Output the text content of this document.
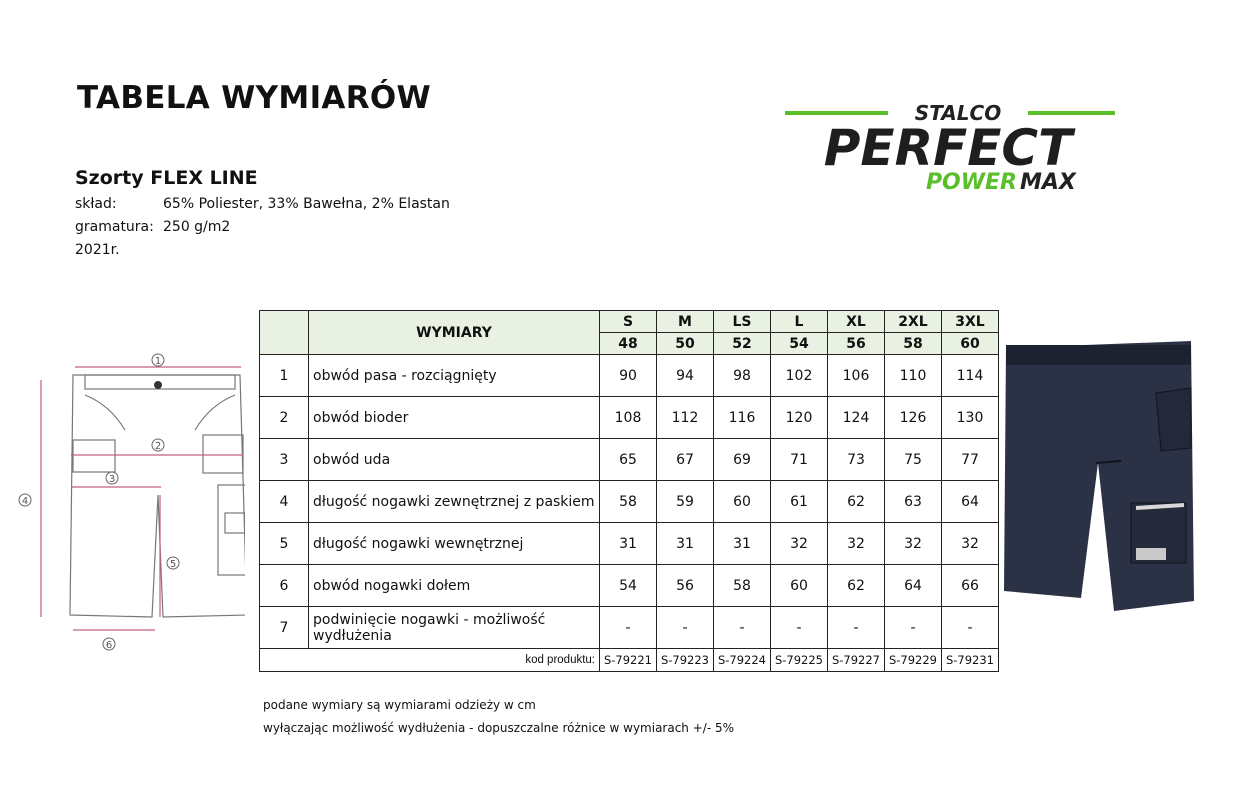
TABELA WYMIARÓW
Szorty FLEX LINE
skład:	65% Poliester, 33% Bawełna, 2% Elastan
gramatura: 250 g/m2
2021r.
STALCO
PERFECT
POWER MAX
1
2
3
4
5
6
	WYMIARY	S	M	LS	L	XL	2XL	3XL
		48	50	52	54	56	58	60
1	obwód pasa - rozciągnięty	90	94	98	102	106	110	114
2	obwód bioder	108	112	116	120	124	126	130
3	obwód uda	65	67	69	71	73	75	77
4	długość nogawki zewnętrznej z paskiem	58	59	60	61	62	63	64
5	długość nogawki wewnętrznej	31	31	31	32	32	32	32
6	obwód nogawki dołem	54	56	58	60	62	64	66
7	podwinięcie nogawki - możliwość wydłużenia	-	-	-	-	-	-	-
kod produktu:		S-79221	S-79223	S-79224	S-79225	S-79227	S-79229	S-79231
podane wymiary są wymiarami odzieży w cm
wyłączając możliwość wydłużenia - dopuszczalne różnice w wymiarach +/- 5%
